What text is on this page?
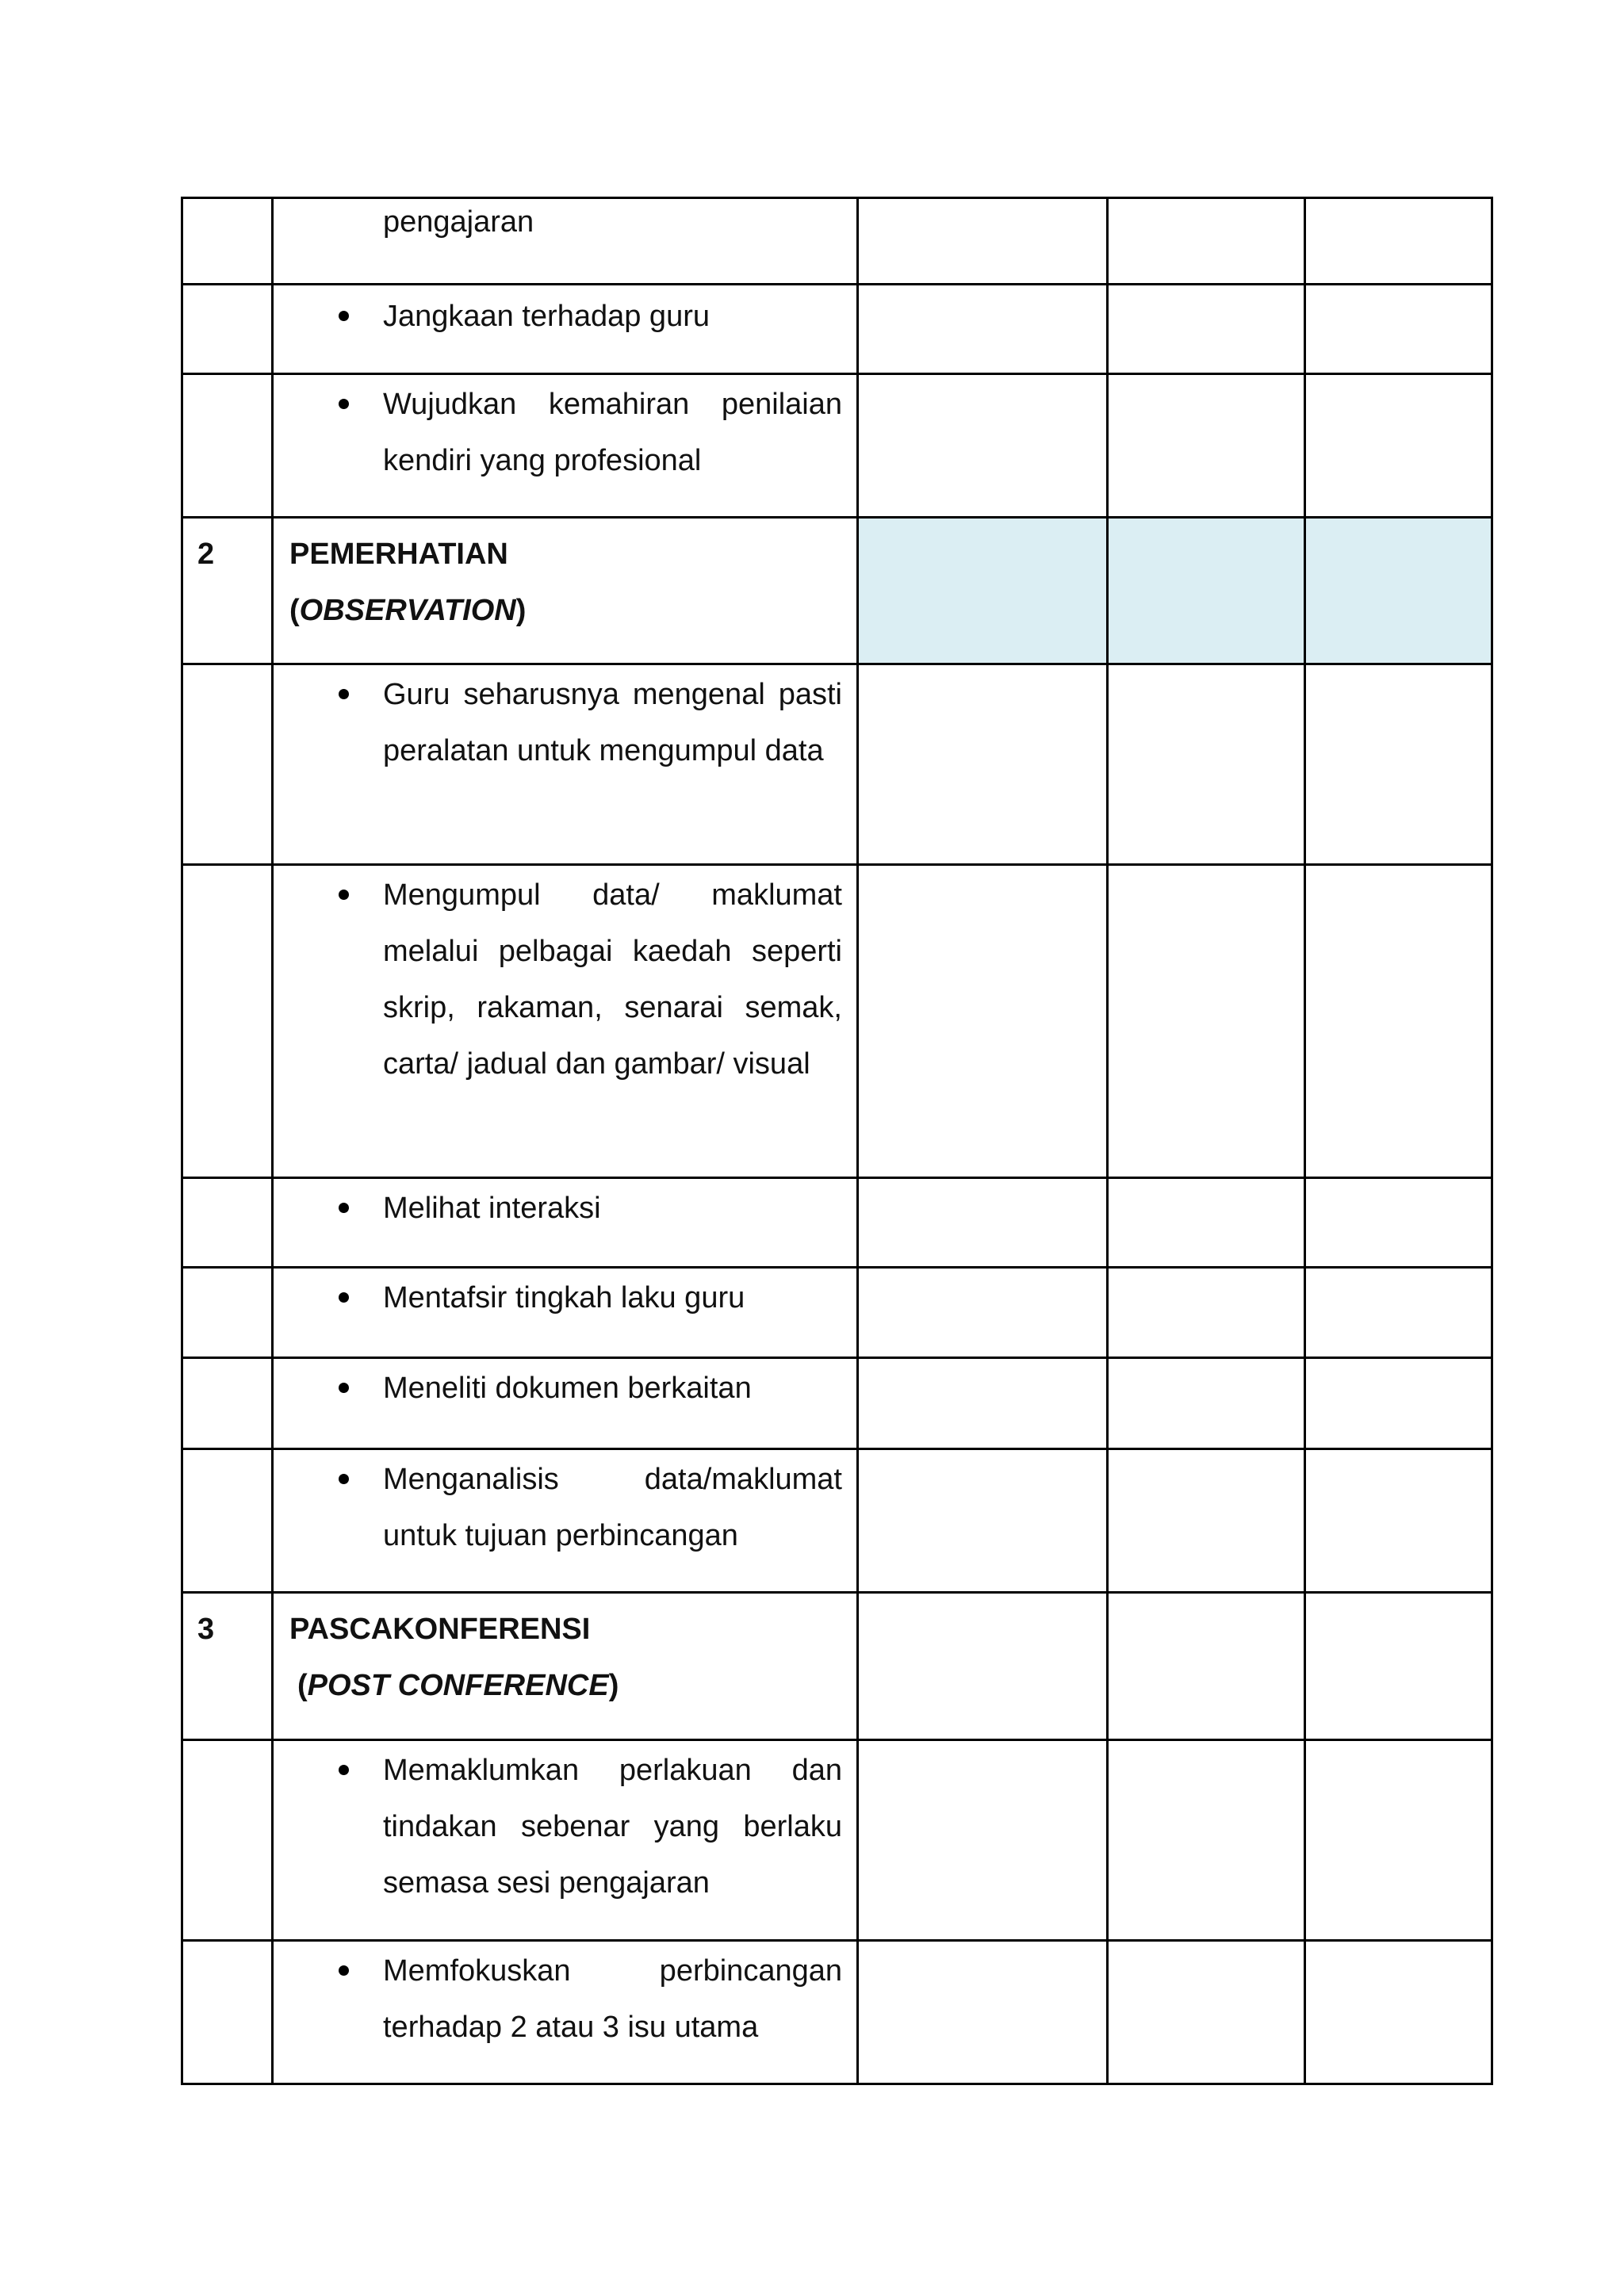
	pengajaran			

	Jangkaan terhadap guru			

	Wujudkan kemahiran penilaian kendiri yang profesional			

2	PEMERHATIAN
(OBSERVATION)			

	Guru seharusnya mengenal pasti peralatan untuk mengumpul data			

	Mengumpul data/ maklumat melalui pelbagai kaedah seperti skrip, rakaman, senarai semak, carta/ jadual dan gambar/ visual			

	Melihat interaksi			

	Mentafsir tingkah laku guru			

	Meneliti dokumen berkaitan			

	Menganalisis data/maklumat untuk tujuan perbincangan			

3	PASCAKONFERENSI
(POST CONFERENCE)			

	Memaklumkan perlakuan dan tindakan sebenar yang berlaku semasa sesi pengajaran			

	Memfokuskan perbincangan terhadap 2 atau 3 isu utama			
